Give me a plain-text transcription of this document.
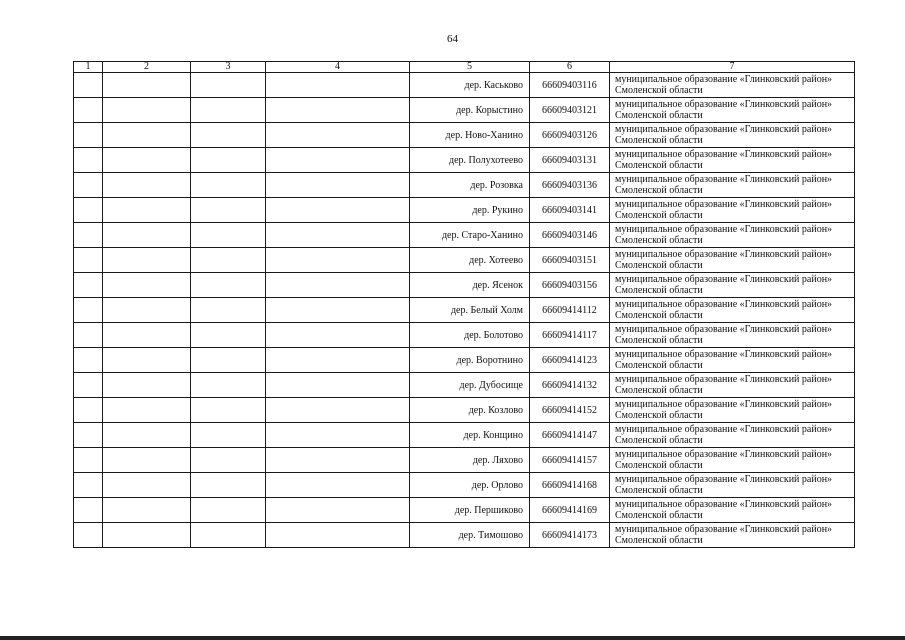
64
1	2	3	4	5	6	7
				дер. Каськово	66609403116	муниципальное образование «Глинковский район»
Смоленской области

				дер. Корыстино	66609403121	муниципальное образование «Глинковский район»
Смоленской области

				дер. Ново-Ханино	66609403126	муниципальное образование «Глинковский район»
Смоленской области

				дер. Полухотеево	66609403131	муниципальное образование «Глинковский район»
Смоленской области

				дер. Розовка	66609403136	муниципальное образование «Глинковский район»
Смоленской области

				дер. Рукино	66609403141	муниципальное образование «Глинковский район»
Смоленской области

				дер. Старо-Ханино	66609403146	муниципальное образование «Глинковский район»
Смоленской области

				дер. Хотеево	66609403151	муниципальное образование «Глинковский район»
Смоленской области

				дер. Ясенок	66609403156	муниципальное образование «Глинковский район»
Смоленской области

				дер. Белый Холм	66609414112	муниципальное образование «Глинковский район»
Смоленской области

				дер. Болотово	66609414117	муниципальное образование «Глинковский район»
Смоленской области

				дер. Воротнино	66609414123	муниципальное образование «Глинковский район»
Смоленской области

				дер. Дубосище	66609414132	муниципальное образование «Глинковский район»
Смоленской области

				дер. Козлово	66609414152	муниципальное образование «Глинковский район»
Смоленской области

				дер. Конщино	66609414147	муниципальное образование «Глинковский район»
Смоленской области

				дер. Ляхово	66609414157	муниципальное образование «Глинковский район»
Смоленской области

				дер. Орлово	66609414168	муниципальное образование «Глинковский район»
Смоленской области

				дер. Першиково	66609414169	муниципальное образование «Глинковский район»
Смоленской области

				дер. Тимошово	66609414173	муниципальное образование «Глинковский район»
Смоленской области
